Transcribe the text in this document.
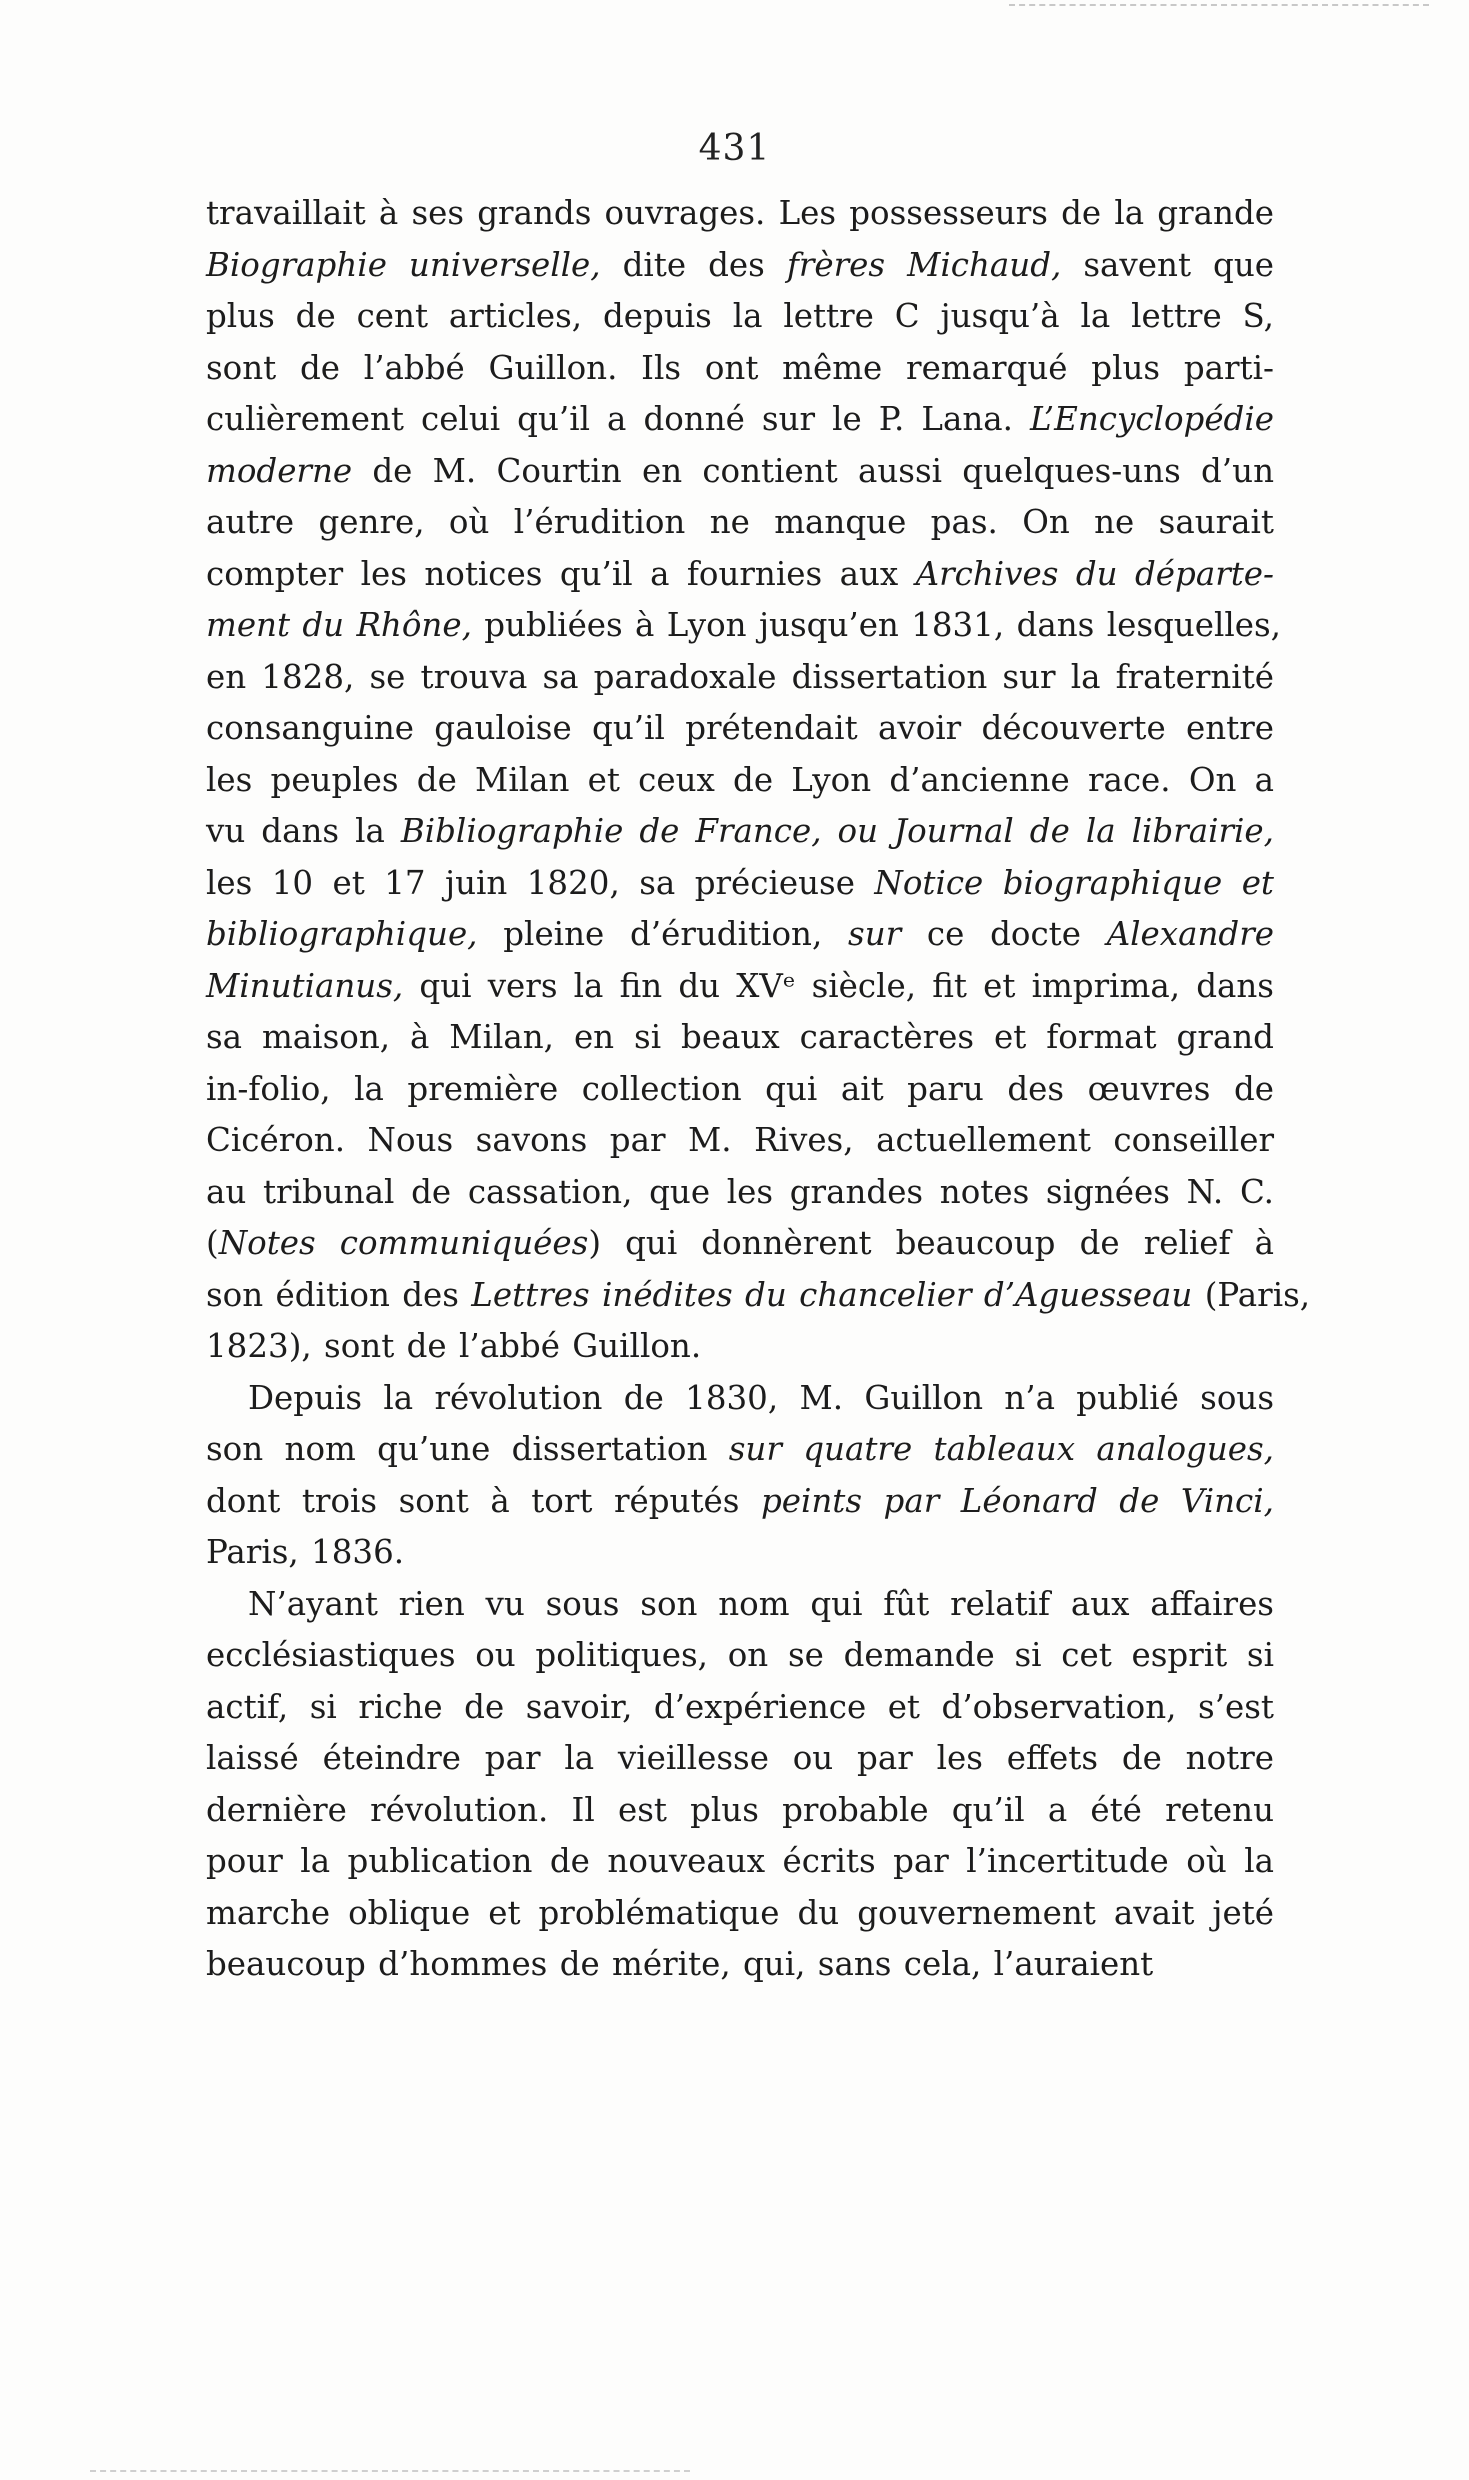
431
travaillait à ses grands ouvrages. Les possesseurs de la grande
Biographie universelle, dite des frères Michaud, savent que
plus de cent articles, depuis la lettre C jusqu’à la lettre S,
sont de l’abbé Guillon. Ils ont même remarqué plus parti-
culièrement celui qu’il a donné sur le P. Lana. L’Encyclopédie
moderne de M. Courtin en contient aussi quelques-uns d’un
autre genre, où l’érudition ne manque pas. On ne saurait
compter les notices qu’il a fournies aux Archives du départe-
ment du Rhône, publiées à Lyon jusqu’en 1831, dans lesquelles,
en 1828, se trouva sa paradoxale dissertation sur la fraternité
consanguine gauloise qu’il prétendait avoir découverte entre
les peuples de Milan et ceux de Lyon d’ancienne race. On a
vu dans la Bibliographie de France, ou Journal de la librairie,
les 10 et 17 juin 1820, sa précieuse Notice biographique et
bibliographique, pleine d’érudition, sur ce docte Alexandre
Minutianus, qui vers la fin du XVᵉ siècle, fit et imprima, dans
sa maison, à Milan, en si beaux caractères et format grand
in-folio, la première collection qui ait paru des œuvres de
Cicéron. Nous savons par M. Rives, actuellement conseiller
au tribunal de cassation, que les grandes notes signées N. C.
(Notes communiquées) qui donnèrent beaucoup de relief à
son édition des Lettres inédites du chancelier d’Aguesseau (Paris,
1823), sont de l’abbé Guillon.
Depuis la révolution de 1830, M. Guillon n’a publié sous
son nom qu’une dissertation sur quatre tableaux analogues,
dont trois sont à tort réputés peints par Léonard de Vinci,
Paris, 1836.
N’ayant rien vu sous son nom qui fût relatif aux affaires
ecclésiastiques ou politiques, on se demande si cet esprit si
actif, si riche de savoir, d’expérience et d’observation, s’est
laissé éteindre par la vieillesse ou par les effets de notre
dernière révolution. Il est plus probable qu’il a été retenu
pour la publication de nouveaux écrits par l’incertitude où la
marche oblique et problématique du gouvernement avait jeté
beaucoup d’hommes de mérite, qui, sans cela, l’auraient
